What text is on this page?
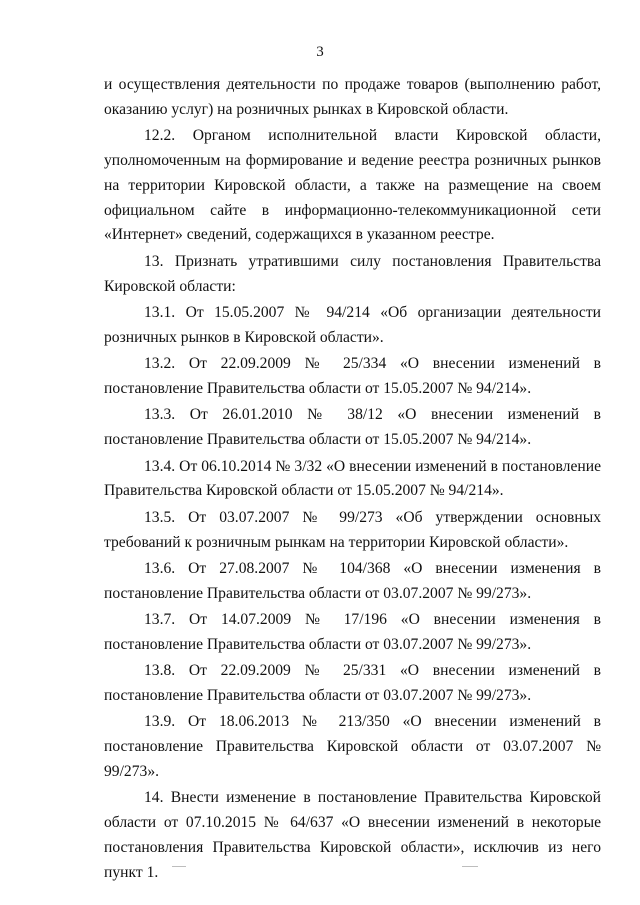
3

и осуществления деятельности по продаже товаров (выполнению работ, оказанию услуг) на розничных рынках в Кировской области.

12.2. Органом исполнительной власти Кировской области, уполномоченным на формирование и ведение реестра розничных рынков на территории Кировской области, а также на размещение на своем официальном сайте в информационно-телекоммуникационной сети «Интернет» сведений, содержащихся в указанном реестре.

13. Признать утратившими силу постановления Правительства Кировской области:

13.1. От 15.05.2007 № 94/214 «Об организации деятельности розничных рынков в Кировской области».

13.2. От 22.09.2009 № 25/334 «О внесении изменений в постановление Правительства области от 15.05.2007 № 94/214».

13.3. От 26.01.2010 № 38/12 «О внесении изменений в постановление Правительства области от 15.05.2007 № 94/214».

13.4. От 06.10.2014 № 3/32 «О внесении изменений в постановление Правительства Кировской области от 15.05.2007 № 94/214».

13.5. От 03.07.2007 № 99/273 «Об утверждении основных требований к розничным рынкам на территории Кировской области».

13.6. От 27.08.2007 № 104/368 «О внесении изменения в постановление Правительства области от 03.07.2007 № 99/273».

13.7. От 14.07.2009 № 17/196 «О внесении изменения в постановление Правительства области от 03.07.2007 № 99/273».

13.8. От 22.09.2009 № 25/331 «О внесении изменений в постановление Правительства области от 03.07.2007 № 99/273».

13.9. От 18.06.2013 № 213/350 «О внесении изменений в постановление Правительства Кировской области от 03.07.2007 № 99/273».

14. Внести изменение в постановление Правительства Кировской области от 07.10.2015 № 64/637 «О внесении изменений в некоторые постановления Правительства Кировской области», исключив из него пункт 1.
